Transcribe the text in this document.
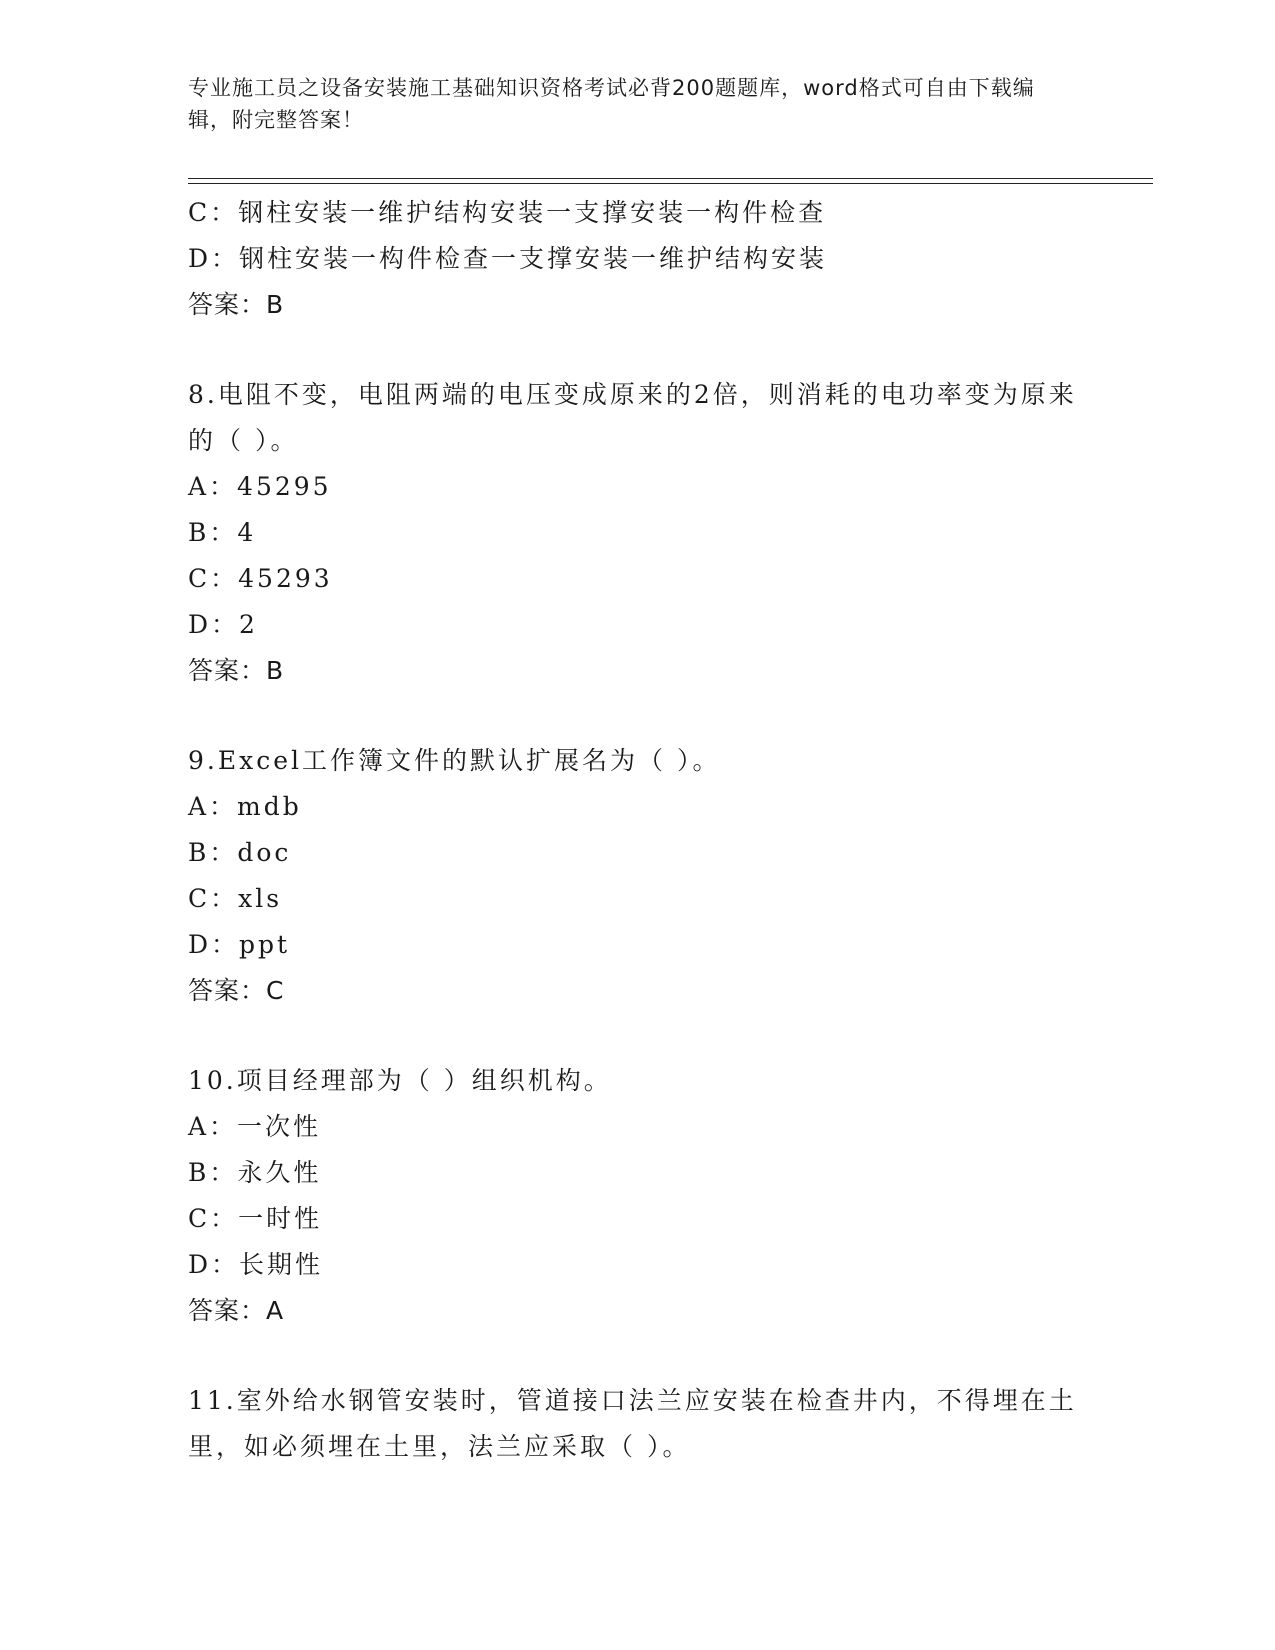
专业施工员之设备安装施工基础知识资格考试必背200题题库，word格式可自由下载编辑，附完整答案！
C：钢柱安装一维护结构安装一支撑安装一构件检查
D：钢柱安装一构件检查一支撑安装一维护结构安装
答案：B
8.电阻不变，电阻两端的电压变成原来的2倍，则消耗的电功率变为原来的（ ）。
A：45295
B：4
C：45293
D：2
答案：B
9.Excel工作簿文件的默认扩展名为（ ）。
A：mdb
B：doc
C：xls
D：ppt
答案：C
10.项目经理部为（ ）组织机构。
A：一次性
B：永久性
C：一时性
D：长期性
答案：A
11.室外给水钢管安装时，管道接口法兰应安装在检查井内，不得埋在土里，如必须埋在土里，法兰应采取（ ）。
